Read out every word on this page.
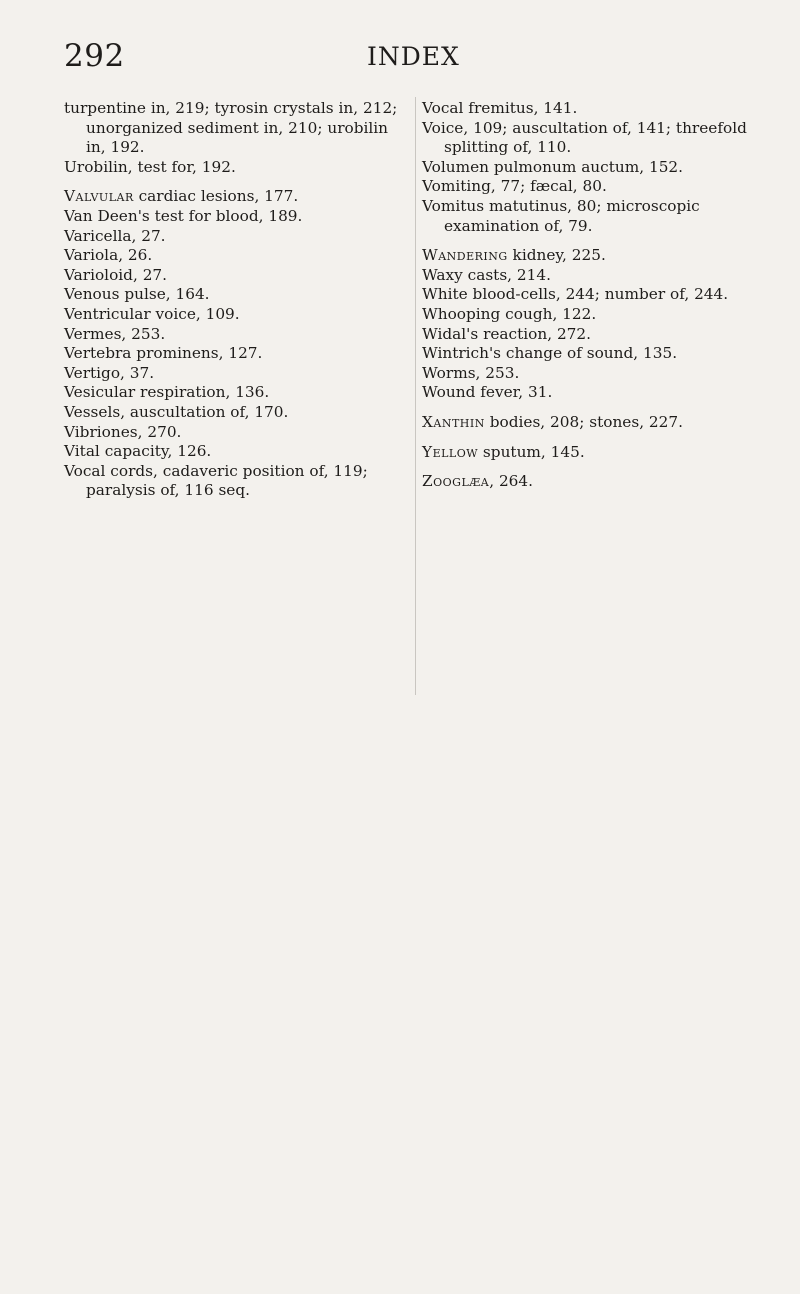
292	INDEX
turpentine in, 219; tyrosin crystals in, 212; unorganized sediment in, 210; urobilin in, 192.
Urobilin, test for, 192.
Valvular cardiac lesions, 177.
Van Deen's test for blood, 189.
Varicella, 27.
Variola, 26.
Varioloid, 27.
Venous pulse, 164.
Ventricular voice, 109.
Vermes, 253.
Vertebra prominens, 127.
Vertigo, 37.
Vesicular respiration, 136.
Vessels, auscultation of, 170.
Vibriones, 270.
Vital capacity, 126.
Vocal cords, cadaveric position of, 119; paralysis of, 116 seq.
Vocal fremitus, 141.
Voice, 109; auscultation of, 141; threefold splitting of, 110.
Volumen pulmonum auctum, 152.
Vomiting, 77; fæcal, 80.
Vomitus matutinus, 80; microscopic examination of, 79.
Wandering kidney, 225.
Waxy casts, 214.
White blood-cells, 244; number of, 244.
Whooping cough, 122.
Widal's reaction, 272.
Wintrich's change of sound, 135.
Worms, 253.
Wound fever, 31.
Xanthin bodies, 208; stones, 227.
Yellow sputum, 145.
Zooglæa, 264.
